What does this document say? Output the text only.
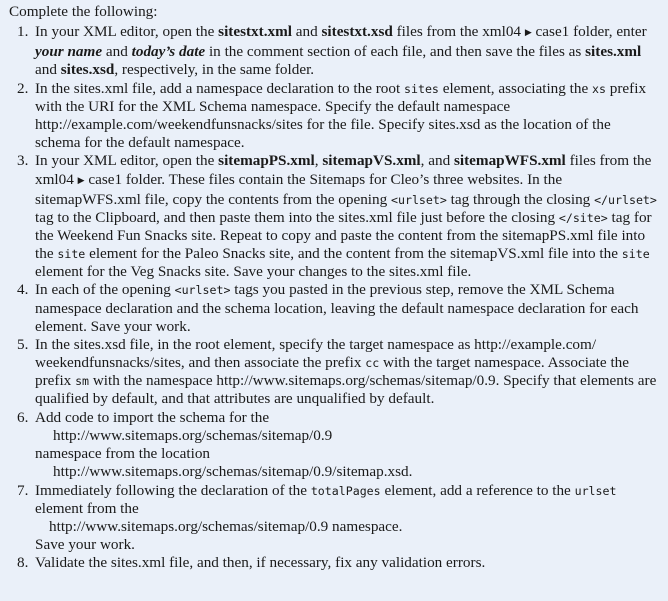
Complete the following:
1. In your XML editor, open the sitestxt.xml and sitestxt.xsd files from the xml04 ▶ case1 folder, enter your name and today’s date in the comment section of each file, and then save the files as sites.xml and sites.xsd, respectively, in the same folder.
2. In the sites.xml file, add a namespace declaration to the root sites element, associating the xs prefix with the URI for the XML Schema namespace. Specify the default namespace http://example.com/weekendfunsnacks/sites for the file. Specify sites.xsd as the location of the schema for the default namespace.
3. In your XML editor, open the sitemapPS.xml, sitemapVS.xml, and sitemapWFS.xml files from the xml04 ▶ case1 folder. These files contain the Sitemaps for Cleo’s three websites. In the sitemapWFS.xml file, copy the contents from the opening <urlset> tag through the closing </urlset> tag to the Clipboard, and then paste them into the sites.xml file just before the closing </site> tag for the Weekend Fun Snacks site. Repeat to copy and paste the content from the sitemapPS.xml file into the site element for the Paleo Snacks site, and the content from the sitemapVS.xml file into the site element for the Veg Snacks site. Save your changes to the sites.xml file.
4. In each of the opening <urlset> tags you pasted in the previous step, remove the XML Schema namespace declaration and the schema location, leaving the default namespace declaration for each element. Save your work.
5. In the sites.xsd file, in the root element, specify the target namespace as http://example.com/ weekendfunsnacks/sites, and then associate the prefix cc with the target namespace. Associate the prefix sm with the namespace http://www.sitemaps.org/schemas/sitemap/0.9. Specify that elements are qualified by default, and that attributes are unqualified by default.
6. Add code to import the schema for the
http://www.sitemaps.org/schemas/sitemap/0.9
namespace from the location
http://www.sitemaps.org/schemas/sitemap/0.9/sitemap.xsd.
7. Immediately following the declaration of the totalPages element, add a reference to the urlset element from the
http://www.sitemaps.org/schemas/sitemap/0.9 namespace.
Save your work.
8. Validate the sites.xml file, and then, if necessary, fix any validation errors.
